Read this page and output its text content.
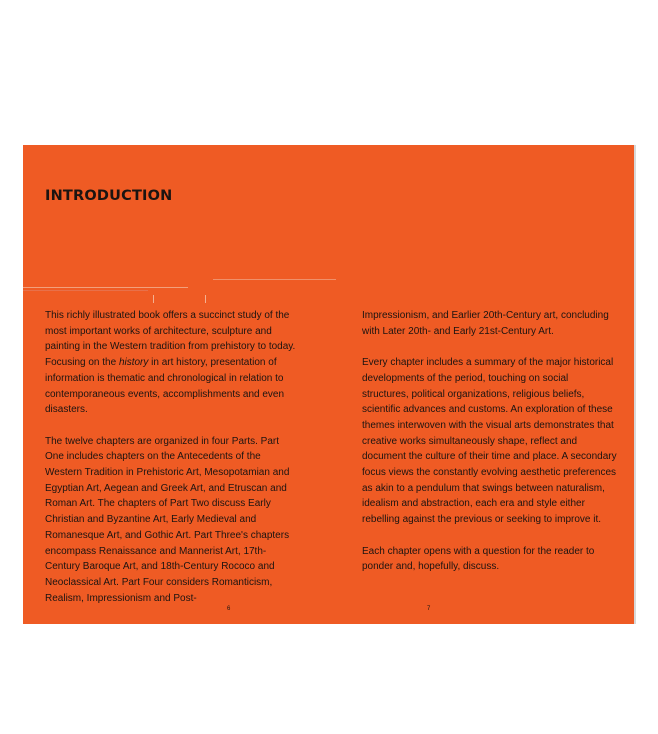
INTRODUCTION

This richly illustrated book offers a succinct study of the most important works of architecture, sculpture and painting in the Western tradition from prehistory to today. Focusing on the history in art history, presentation of information is thematic and chronological in relation to contemporaneous events, accomplishments and even disasters.

The twelve chapters are organized in four Parts. Part One includes chapters on the Antecedents of the Western Tradition in Prehistoric Art, Mesopotamian and Egyptian Art, Aegean and Greek Art, and Etruscan and Roman Art. The chapters of Part Two discuss Early Christian and Byzantine Art, Early Medieval and Romanesque Art, and Gothic Art. Part Three's chapters encompass Renaissance and Mannerist Art, 17th-Century Baroque Art, and 18th-Century Rococo and Neoclassical Art. Part Four considers Romanticism, Realism, Impressionism and Post-

Impressionism, and Earlier 20th-Century art, concluding with Later 20th- and Early 21st-Century Art.

Every chapter includes a summary of the major historical developments of the period, touching on social structures, political organizations, religious beliefs, scientific advances and customs. An exploration of these themes interwoven with the visual arts demonstrates that creative works simultaneously shape, reflect and document the culture of their time and place. A secondary focus views the constantly evolving aesthetic preferences as akin to a pendulum that swings between naturalism, idealism and abstraction, each era and style either rebelling against the previous or seeking to improve it.

Each chapter opens with a question for the reader to ponder and, hopefully, discuss.

6	7
